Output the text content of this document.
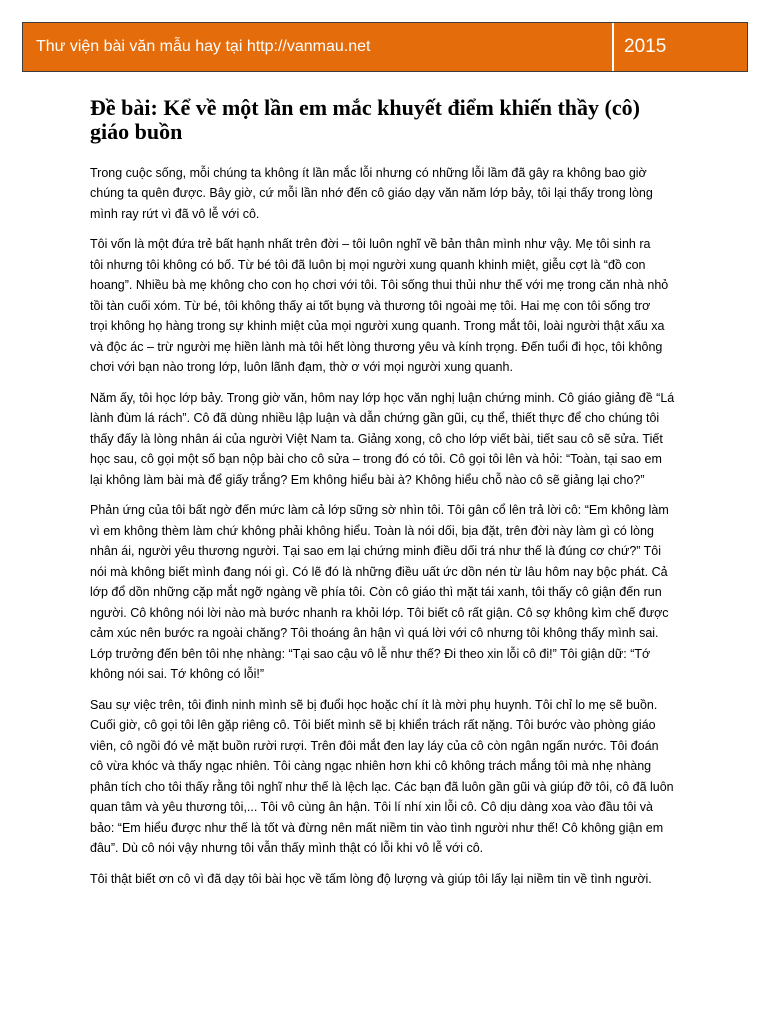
Thư viện bài văn mẫu hay tại http://vanmau.net	2015
Đề bài: Kể về một lần em mắc khuyết điểm khiến thầy (cô) giáo buồn
Trong cuộc sống, mỗi chúng ta không ít lần mắc lỗi nhưng có những lỗi lầm đã gây ra không bao giờ
chúng ta quên được. Bây giờ, cứ mỗi lần nhớ đến cô giáo dạy văn năm lớp bảy, tôi lại thấy trong lòng
mình ray rứt vì đã vô lễ với cô.
Tôi vốn là một đứa trẻ bất hạnh nhất trên đời – tôi luôn nghĩ về bản thân mình như vậy. Mẹ tôi sinh ra
tôi nhưng tôi không có bố. Từ bé tôi đã luôn bị mọi người xung quanh khinh miệt, giễu cợt là “đồ con
hoang”. Nhiều bà mẹ không cho con họ chơi với tôi. Tôi sống thui thủi như thế với mẹ trong căn nhà nhỏ
tồi tàn cuối xóm. Từ bé, tôi không thấy ai tốt bụng và thương tôi ngoài mẹ tôi. Hai mẹ con tôi sống trơ
trọi không họ hàng trong sự khinh miệt của mọi người xung quanh. Trong mắt tôi, loài người thật xấu xa
và độc ác – trừ người mẹ hiền lành mà tôi hết lòng thương yêu và kính trọng. Đến tuổi đi học, tôi không
chơi với bạn nào trong lớp, luôn lãnh đạm, thờ ơ với mọi người xung quanh.
Năm ấy, tôi học lớp bảy. Trong giờ văn, hôm nay lớp học văn nghị luận chứng minh. Cô giáo giảng đề “Lá
lành đùm lá rách”. Cô đã dùng nhiều lập luận và dẫn chứng gần gũi, cụ thể, thiết thực để cho chúng tôi
thấy đấy là lòng nhân ái của người Việt Nam ta. Giảng xong, cô cho lớp viết bài, tiết sau cô sẽ sửa. Tiết
học sau, cô gọi một số bạn nộp bài cho cô sửa – trong đó có tôi. Cô gọi tôi lên và hỏi: “Toàn, tại sao em
lại không làm bài mà để giấy trắng? Em không hiểu bài à? Không hiểu chỗ nào cô sẽ giảng lại cho?”
Phản ứng của tôi bất ngờ đến mức làm cả lớp sững sờ nhìn tôi. Tôi gân cổ lên trả lời cô: “Em không làm
vì em không thèm làm chứ không phải không hiểu. Toàn là nói dối, bịa đặt, trên đời này làm gì có lòng
nhân ái, người yêu thương người. Tại sao em lại chứng minh điều dối trá như thế là đúng cơ chứ?” Tôi
nói mà không biết mình đang nói gì. Có lẽ đó là những điều uất ức dồn nén từ lâu hôm nay bộc phát. Cả
lớp đổ dồn những cặp mắt ngỡ ngàng về phía tôi. Còn cô giáo thì mặt tái xanh, tôi thấy cô giận đến run
người. Cô không nói lời nào mà bước nhanh ra khỏi lớp. Tôi biết cô rất giận. Cô sợ không kìm chế được
cảm xúc nên bước ra ngoài chăng? Tôi thoáng ân hận vì quá lời với cô nhưng tôi không thấy mình sai.
Lớp trưởng đến bên tôi nhẹ nhàng: “Tại sao cậu vô lễ như thế? Đi theo xin lỗi cô đi!” Tôi giận dữ: “Tớ
không nói sai. Tớ không có lỗi!”
Sau sự việc trên, tôi đinh ninh mình sẽ bị đuổi học hoặc chí ít là mời phụ huynh. Tôi chỉ lo mẹ sẽ buồn.
Cuối giờ, cô gọi tôi lên gặp riêng cô. Tôi biết mình sẽ bị khiển trách rất nặng. Tôi bước vào phòng giáo
viên, cô ngồi đó vẻ mặt buồn rười rượi. Trên đôi mắt đen lay láy của cô còn ngân ngấn nước. Tôi đoán
cô vừa khóc và thấy ngạc nhiên. Tôi càng ngạc nhiên hơn khi cô không trách mắng tôi mà nhẹ nhàng
phân tích cho tôi thấy rằng tôi nghĩ như thế là lệch lạc. Các bạn đã luôn gần gũi và giúp đỡ tôi, cô đã luôn
quan tâm và yêu thương tôi,... Tôi vô cùng ân hận. Tôi lí nhí xin lỗi cô. Cô dịu dàng xoa vào đầu tôi và
bảo: “Em hiểu được như thế là tốt và đừng nên mất niềm tin vào tình người như thế! Cô không giận em
đâu”. Dù cô nói vậy nhưng tôi vẫn thấy mình thật có lỗi khi vô lễ với cô.
Tôi thật biết ơn cô vì đã dạy tôi bài học về tấm lòng độ lượng và giúp tôi lấy lại niềm tin về tình người.
